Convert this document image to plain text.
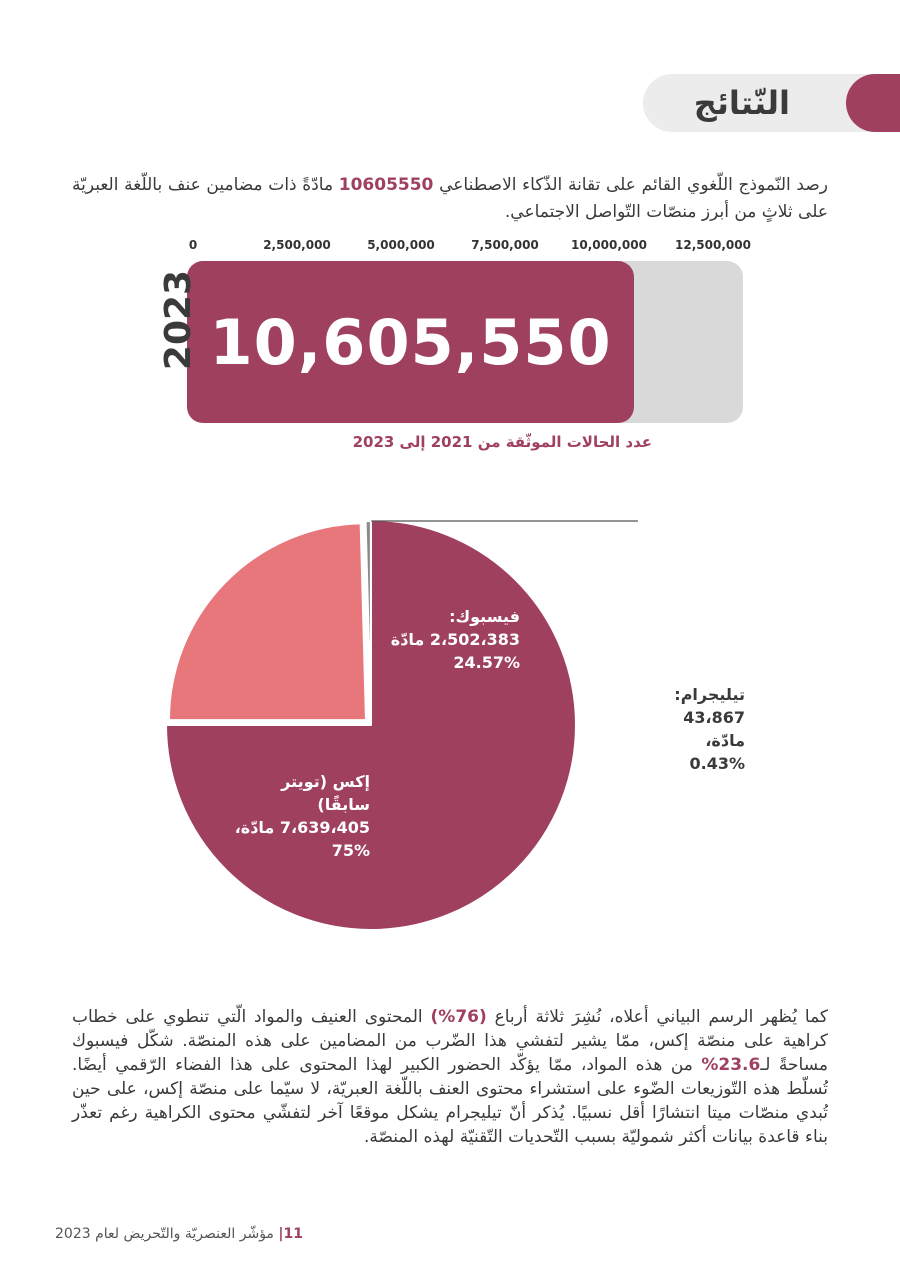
النّتائج

رصد النّموذج اللّغوي القائم على تقانة الذّكاء الاصطناعي 10605550 مادّةً ذات مضامين عنف باللّغة العبريّة على ثلاثٍ من أبرز منصّات التّواصل الاجتماعي.

0	2,500,000	5,000,000	7,500,000	10,000,000 12,500,000
10,605,550
2023
عدد الحالات الموثّقة من 2021 إلى 2023
إكس (تويتر سابقًا)
7،639،405 مادّة،
75%
فيسبوك:
2،502،383 مادّة
24.57%
تيليجرام:
43،867 مادّة،
0.43%

كما يُظهر الرسم البياني أعلاه، نُشِرَ ثلاثة أرباع (76%) المحتوى العنيف والمواد الّتي تنطوي على خطاب كراهية على منصّة إكس، ممّا يشير لتفشي هذا الضّرب من المضامين على هذه المنصّة. شكّل فيسبوك مساحةً لـ23.6% من هذه المواد، ممّا يؤكّد الحضور الكبير لهذا المحتوى على هذا الفضاء الرّقمي أيضًا. تُسلّط هذه التّوزيعات الضّوء على استشراء محتوى العنف باللّغة العبريّة، لا سيّما على منصّة إكس، على حين تُبدي منصّات ميتا انتشارًا أقل نسبيًا. يُذكر أنّ تيليجرام يشكل موقعًا آخر لتفشّي محتوى الكراهية رغم تعذّر بناء قاعدة بيانات أكثر شموليّة بسبب التّحديات التّقنيّة لهذه المنصّة.

11| مؤشّر العنصريّة والتّحريض لعام 2023
